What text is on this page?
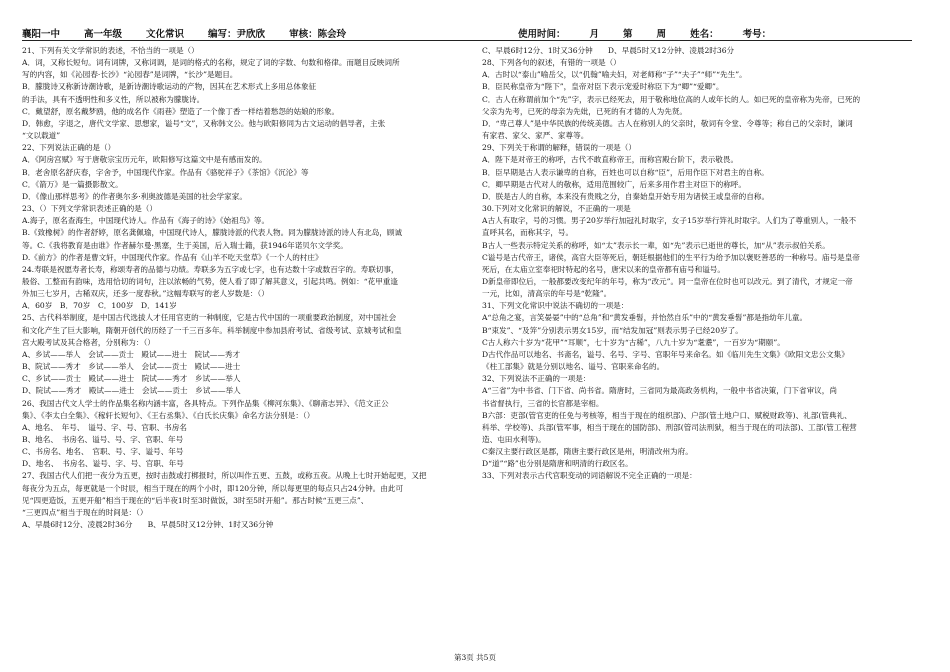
襄阳一中	高一年级	文化常识	编写：尹欣欣	审核：陈会玲	使用时间：	月	第	周	姓名：	考号：
21、下列有关文学常识的表述，不恰当的一项是（）
A．词，又称长短句。词有词牌，又称词调，是词的格式的名称，规定了词的字数、句数和格律。而题目反映词所
写的内容，如《沁园春·长沙》“沁园春”是词牌，“长沙”是题目。
B．朦胧诗又称新诗潮诗歌，是新诗潮诗歌运动的产物，因其在艺术形式上多用总体象征
的手法，具有不透明性和多义性，所以被称为朦胧诗。
C．戴望舒，原名戴梦鸥，他的成名作《雨巷》塑造了一个像丁香一样结着愁怨的姑娘的形象。
D．韩愈，字退之，唐代文学家、思想家，谥号“文”，又称韩文公。他与欧阳修同为古文运动的倡导者，主张
“文以载道”
22、下列说法正确的是（）
A．《阿房宫赋》写于唐敬宗宝历元年，欧阳修写这篇文中是有感而发的。
B．老舍原名舒庆春，字舍予，中国现代作家。作品有《骆驼祥子》《茶馆》《沉沦》等
C．《箭万》是一篇摄影散文。
D．《像山那样思考》的作者奥尔多·利奥波德是美国的社会学家家。
23、（）下列文学常识表述正确的是（）
A.海子，原名查海生，中国现代诗人。作品有《海子的诗》《始祖鸟》等。
B.《致橡树》的作者舒婷，原名龚佩瑜，中国现代诗人，朦胧诗派的代表人物。同为朦胧诗派的诗人有北岛，顾诚
等。C.《我将教育是由谁》作者赫尔曼·黑塞，生于美国，后入瑞士籍，获1946年诺贝尔文学奖。
D.《前方》的作者是曹文轩，中国现代作家。作品有《山羊不吃天堂草》《一个人的村庄》
24.寿联是祝愿寿者长寿，称颂寿者的品德与功绩。寿联多为五字或七字，也有达数十字或数百字的。寿联切事，
般俗、工整而有韵味，选用恰切的词句，注以浓畅的气势，使人看了即了解其意义，引起共鸣。例如：“花甲重逢
外加三七岁月，古稀双庆，还多一度春秋。”这幅寿联写的老人岁数是：（）
A．60岁　B．70岁　C．100岁　D．141岁
25、古代科举制度，是中国古代选拔人才任用官吏的一种制度，它是古代中国的一项重要政治制度，对中国社会
和文化产生了巨大影响，隋朝开创代的历经了一千三百多年。科举制度中参加县府考试、省级考试、京城考试和皇
宫大殿考试及其合格者，分别称为：（）
A、乡试——举人　会试——贡士　殿试——进士　院试——秀才
B、院试——秀才　乡试——举人　会试——贡士　殿试——进士
C、乡试——贡士　殿试——进士　院试——秀才　乡试——举人
D、院试——秀才　殿试——进士　会试——贡士　乡试——举人
26、我国古代文人学士的作品集名称内涵丰富，各具特点。下列作品集《柳河东集》、《聊斋志异》、《范文正公
集》、《李太白全集》、《稼轩长短句》、《王右丞集》、《白氏长庆集》命名方法分别是：（）
A、地名、　年号、　谥号、字、号、官职、书房名
B、地名、　书房名、谥号、号、字、官职、年号
C、书房名、地名、　官职、号、字、谥号、年号
D、地名、　书房名、谥号、字、号、官职、年号
27、我国古代人们把一夜分为五更，按时击鼓或打梆报时，所以叫作五更、五鼓，或称五夜。从晚上七时开始起更，又把
每夜分为五点，每更就是一个时辰，相当于现在的两个小时，即120分钟，所以每更里的每点只占24分钟。由此可
见“四更造饭，五更开船”相当于现在的“后半夜1时至3时做饭，3时至5时开船”。那古时候“五更三点”、
“三更四点”相当于现在的时间是：（）
A、早晨6时12分、凌晨2时36分　　B、早晨5时又12分钟、1时又36分钟
C、早晨6时12分、1时又36分钟　　D、早晨5时又12分钟、凌晨2时36分
28、下列各句的叙述，有错的一项是（）
A．古时以“泰山”喻岳父，以“仉翰”喻夫妇，对老师称“子”“夫子”“师”“先生”。
B．臣民称皇帝为“陛下”，皇帝对臣下表示宠爱时称臣下为“卿”“爱卿”。
C．古人在称谓前加个“先”字，表示已经死去，用于敬称地位高的人或年长的人。如已死的皇帝称为先帝，已死的
父亲为先考，已死的母亲为先妣，已死的有才德的人为先贤。
D．“卑己尊人”是中华民族的传统美德。古人在称别人的父亲时，敬词有令堂、令尊等；称自己的父亲时，谦词
有家君、家父、家严、家尊等。
29、下列关于称谓的解释，错误的一项是（）
A．陛下是对帝王的称呼，古代不敢直称帝王，而称宫殿台阶下，表示敬畏。
B．臣早期是古人表示谦卑的自称，百姓也可以自称“臣”，后用作臣下对君主的自称。
C．卿早期是古代对人的敬称，适用范围较广，后来多用作君主对臣下的称呼。
D．朕是古人的自称，本来没有贵贱之分，自秦始皇开始专用为诸侯王或皇帝的自称。
30.下列对文化常识的解说，不正确的一项是
A古人有取字，号的习惯。男子20岁举行加冠礼时取字，女子15岁举行笄礼时取字。人们为了尊重别人，一般不
直呼其名，而称其字，号。
B古人一些表示特定关系的称呼，如“太”表示长一辈，如“先”表示已逝世的尊长，加“从”表示叔伯关系。
C谥号是古代帝王，诸侯，高官大臣等死后，朝廷根据他们的生平行为给予加以褒贬善恶的一种称号。庙号是皇帝
死后，在太庙立室奉祀时特起的名号，唐宋以来的皇帝都有庙号和谥号。
D新皇帝即位后，一般都要改变纪年的年号，称为“改元”。同一皇帝在位时也可以改元。到了清代，才规定一帝
一元，比如，清高宗的年号是“乾隆”。
31、下列文化常识中说法不确切的一项是：
A“总角之宴，言笑晏晏”中的“总角”和“黄发垂髫，并怡然自乐”中的“黄发垂髫”都是指幼年儿童。
B“束发”、“及笄”分别表示男女15岁，而“结发加冠”则表示男子已经20岁了。
C古人称六十岁为“花甲”“耳顺”，七十岁为“古稀”，八九十岁为“耄耋”，一百岁为“期颐”。
D古代作品可以地名、书斋名，谥号、名号、字号、官职年号来命名。如《临川先生文集》《欧阳文忠公文集》
《柱工部集》就是分别以地名、谥号、官职来命名的。
32、下列说法不正确的一项是：
A“三省”为中书省、门下省、尚书省。隋唐时，三省同为最高政务机构，一般中书省决策，门下省审议，尚
书省督执行，三省的长官都是宰相。
B六部：吏部(管官吏的任免与考核等，相当于现在的组织部)、户部(管土地户口、赋税财政等)、礼部(管典礼、
科举、学校等)、兵部(管军事，相当于现在的国防部)、刑部(管司法刑狱，相当于现在的司法部)、工部(管工程营
造、屯田水利等)。
C秦汉主要行政区是郡，隋唐主要行政区是州，明清改州为府。
D“道”“路”也分别是隋唐和明清的行政区名。
33、下列对表示古代官职变动的词语解说不完全正确的一项是：
第3页 共5页
